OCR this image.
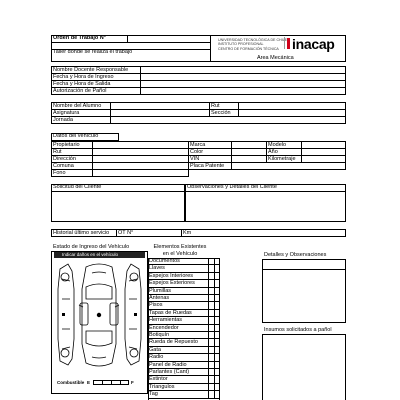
Orden de Trabajo N°
Taller donde se realiza el trabajo
UNIVERSIDAD TECNOLÓGICA DE CHILE
INSTITUTO PROFESIONAL
CENTRO DE FORMACIÓN TÉCNICA inacap
Area Mecánica
Nombre Docente Responsable	
Fecha y Hora de Ingreso	
Fecha y Hora de Salida	
Autorización de Pañol	
Nombre del Alumno		Rut	
Asignatura		Sección	
Jornada			
Datos del vehículo
Propietario		Marca		Modelo	
Rut		Color		Año	
Dirección		VIN		Kilometraje	
Comuna		Placa Patente			
Fono					
Solicitud del Cliente	Observaciones y Detalles del Cliente
Historial último servicio	OT N°	Km
Estado de Ingreso del Vehículo
Indicar daños en el vehículo
Combustible E	F
Elementos Existentes en el Vehículo
Documentos
Llaves
Espejos Interiores
Espejos Exteriores
Plumillas
Antenas
Pisos
Tapas de Ruedas
Herramientas
Encendedor
Botiquín
Rueda de Repuesto
Gata
Radio
Panel de Radio
Parlantes (Cant)
Extintor
Triangulos
Tag
Detalles y Observaciones
Insumos solicitados a pañol
